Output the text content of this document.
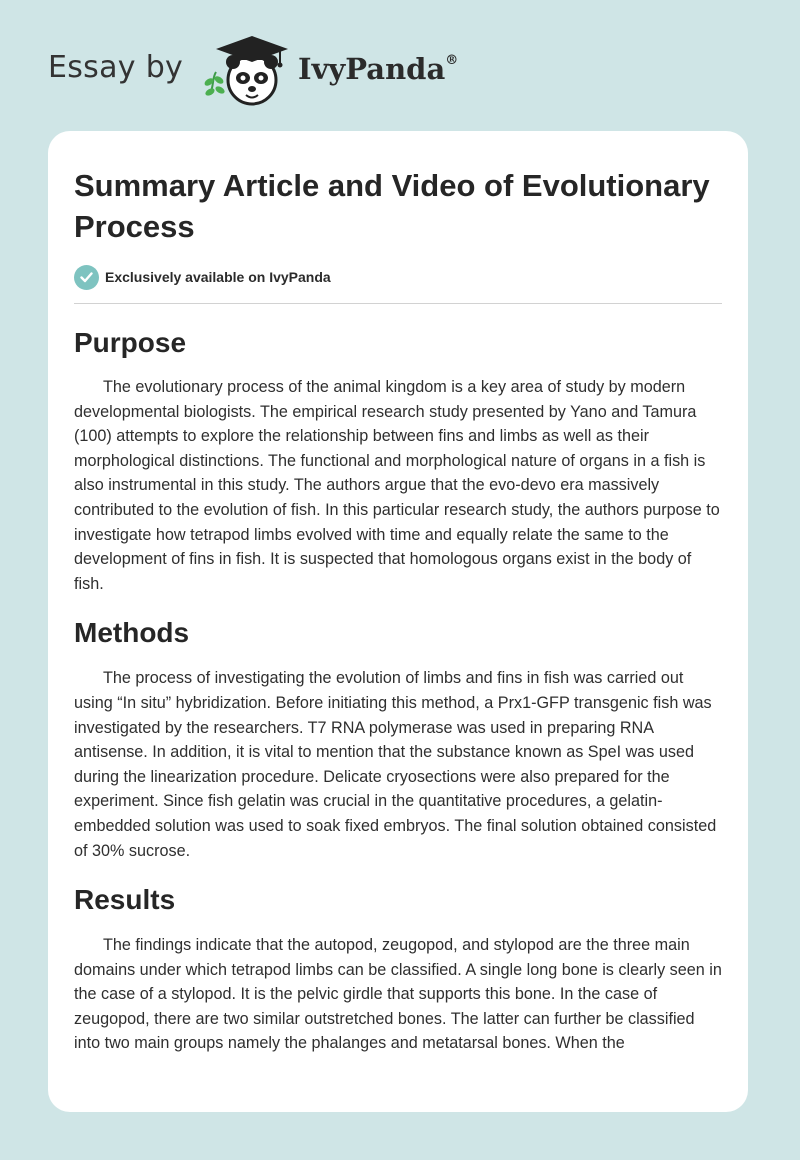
Essay by	IvyPanda®
Summary Article and Video of Evolutionary Process
Exclusively available on IvyPanda
Purpose

The evolutionary process of the animal kingdom is a key area of study by modern developmental biologists. The empirical research study presented by Yano and Tamura (100) attempts to explore the relationship between fins and limbs as well as their morphological distinctions. The functional and morphological nature of organs in a fish is also instrumental in this study. The authors argue that the evo-devo era massively contributed to the evolution of fish. In this particular research study, the authors purpose to investigate how tetrapod limbs evolved with time and equally relate the same to the development of fins in fish. It is suspected that homologous organs exist in the body of fish.

Methods

The process of investigating the evolution of limbs and fins in fish was carried out using “In situ” hybridization. Before initiating this method, a Prx1-GFP transgenic fish was investigated by the researchers. T7 RNA polymerase was used in preparing RNA antisense. In addition, it is vital to mention that the substance known as SpeI was used during the linearization procedure. Delicate cryosections were also prepared for the experiment. Since fish gelatin was crucial in the quantitative procedures, a gelatin-embedded solution was used to soak fixed embryos. The final solution obtained consisted of 30% sucrose.

Results

The findings indicate that the autopod, zeugopod, and stylopod are the three main domains under which tetrapod limbs can be classified. A single long bone is clearly seen in the case of a stylopod. It is the pelvic girdle that supports this bone. In the case of zeugopod, there are two similar outstretched bones. The latter can further be classified into two main groups namely the phalanges and metatarsal bones. When the
